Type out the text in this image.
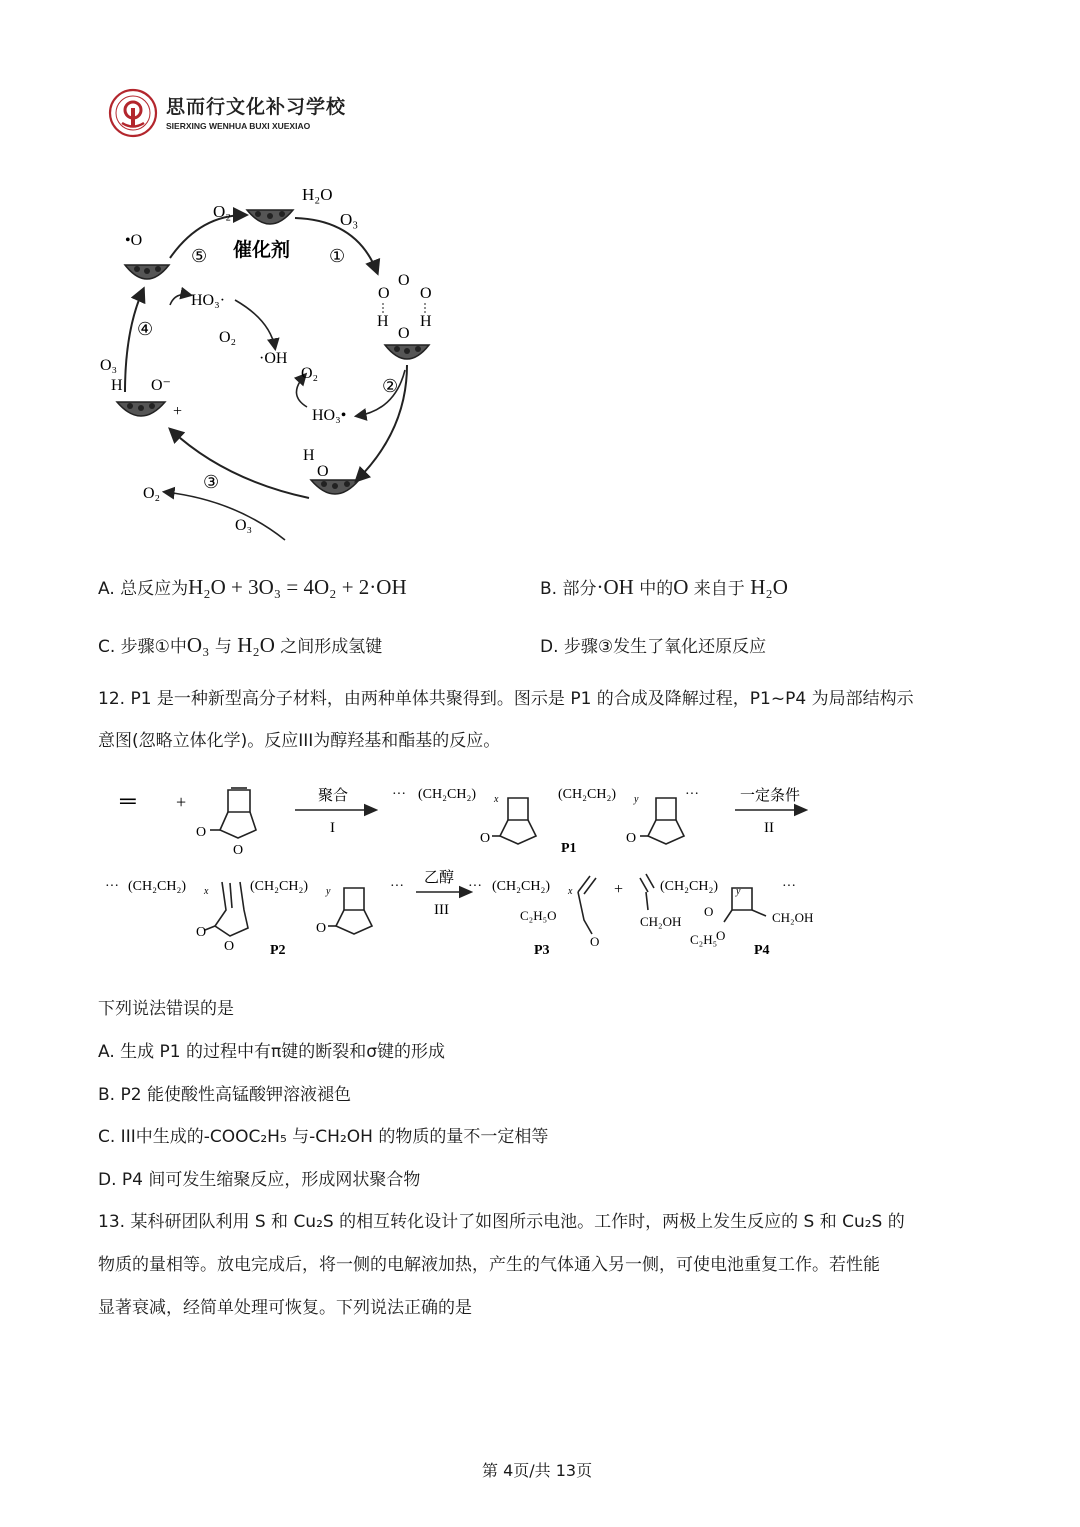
思而行文化补习学校
SIERXING WENHUA BUXI XUEXIAO
催化剂
H₂O
O₃
O₂
①
⑤
④
②
③
HO₃·
O₂
·OH
O₂
HO₃•
O₃
O₂
O₃
•O
O⁻
H
+
H H
O
O
O
O
H
O
A. 总反应为H₂O + 3O₃ = 4O₂ + 2·OH	B. 部分·OH 中的O 来自于 H₂O
C. 步骤①中O₃ 与 H₂O 之间形成氢键	D. 步骤③发生了氧化还原反应
12. P1 是一种新型高分子材料，由两种单体共聚得到。图示是 P1 的合成及降解过程，P1~P4 为局部结构示
意图(忽略立体化学)。反应III为醇羟基和酯基的反应。
═ +
O
O
聚合
I
··· (CH₂CH₂) x	(CH₂CH₂) y	···
O	O
P1
一定条件
II
··· (CH₂CH₂) x	(CH₂CH₂) y	···
O
O
O
P2
乙醇
III
··· (CH₂CH₂) x
C₂H₅O
O
P3
+	(CH₂CH₂) y	···
CH₂OH	CH₂OH
O
O
C₂H₅
P4
下列说法错误的是
A. 生成 P1 的过程中有π键的断裂和σ键的形成
B. P2 能使酸性高锰酸钾溶液褪色
C. III中生成的-COOC₂H₅ 与-CH₂OH 的物质的量不一定相等
D. P4 间可发生缩聚反应，形成网状聚合物
13. 某科研团队利用 S 和 Cu₂S 的相互转化设计了如图所示电池。工作时，两极上发生反应的 S 和 Cu₂S 的
物质的量相等。放电完成后，将一侧的电解液加热，产生的气体通入另一侧，可使电池重复工作。若性能
显著衰减，经简单处理可恢复。下列说法正确的是
第 4页/共 13页
